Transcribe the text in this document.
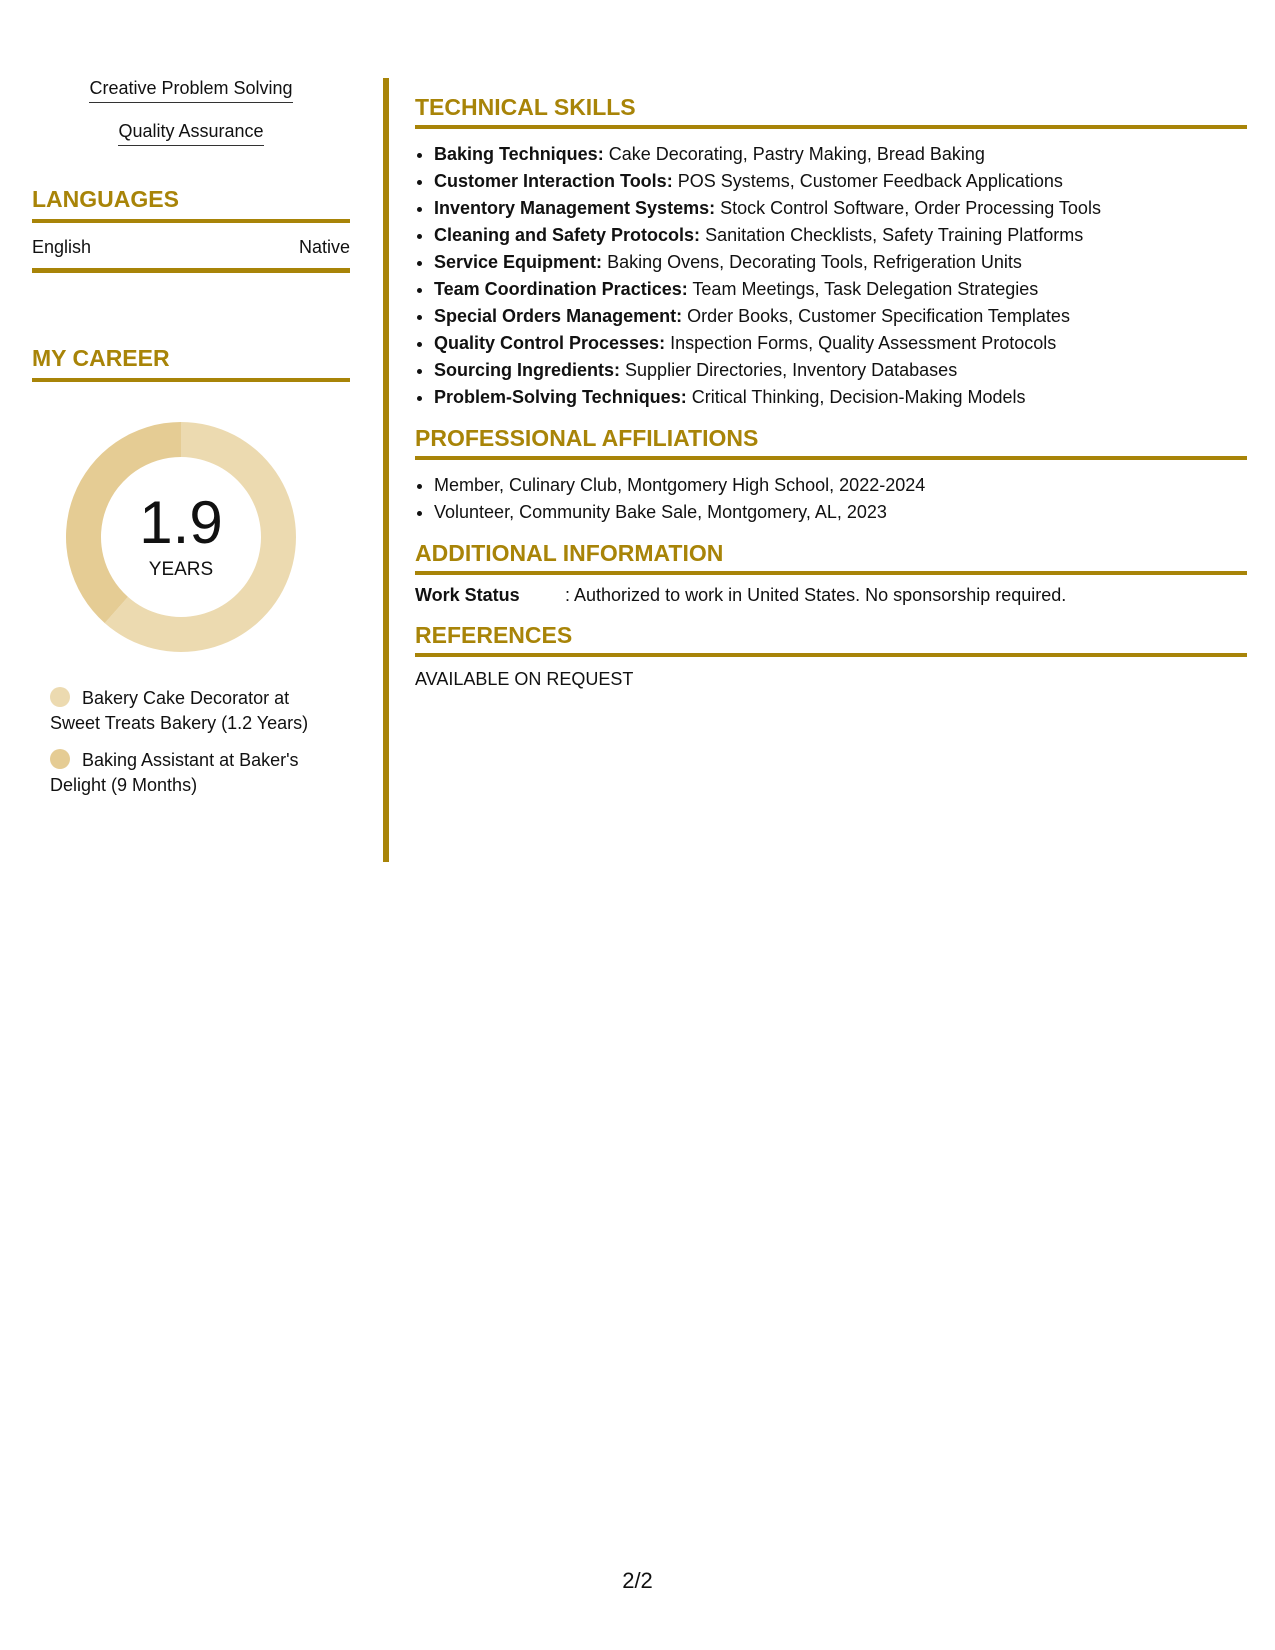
Creative Problem Solving
Quality Assurance
LANGUAGES
English	Native
MY CAREER
1.9
YEARS
Bakery Cake Decorator at Sweet Treats Bakery (1.2 Years)
Baking Assistant at Baker's Delight (9 Months)
TECHNICAL SKILLS
• Baking Techniques: Cake Decorating, Pastry Making, Bread Baking
• Customer Interaction Tools: POS Systems, Customer Feedback Applications
• Inventory Management Systems: Stock Control Software, Order Processing Tools
• Cleaning and Safety Protocols: Sanitation Checklists, Safety Training Platforms
• Service Equipment: Baking Ovens, Decorating Tools, Refrigeration Units
• Team Coordination Practices: Team Meetings, Task Delegation Strategies
• Special Orders Management: Order Books, Customer Specification Templates
• Quality Control Processes: Inspection Forms, Quality Assessment Protocols
• Sourcing Ingredients: Supplier Directories, Inventory Databases
• Problem-Solving Techniques: Critical Thinking, Decision-Making Models
PROFESSIONAL AFFILIATIONS
• Member, Culinary Club, Montgomery High School, 2022-2024
• Volunteer, Community Bake Sale, Montgomery, AL, 2023
ADDITIONAL INFORMATION
Work Status	: Authorized to work in United States. No sponsorship required.
REFERENCES

AVAILABLE ON REQUEST

2/2
